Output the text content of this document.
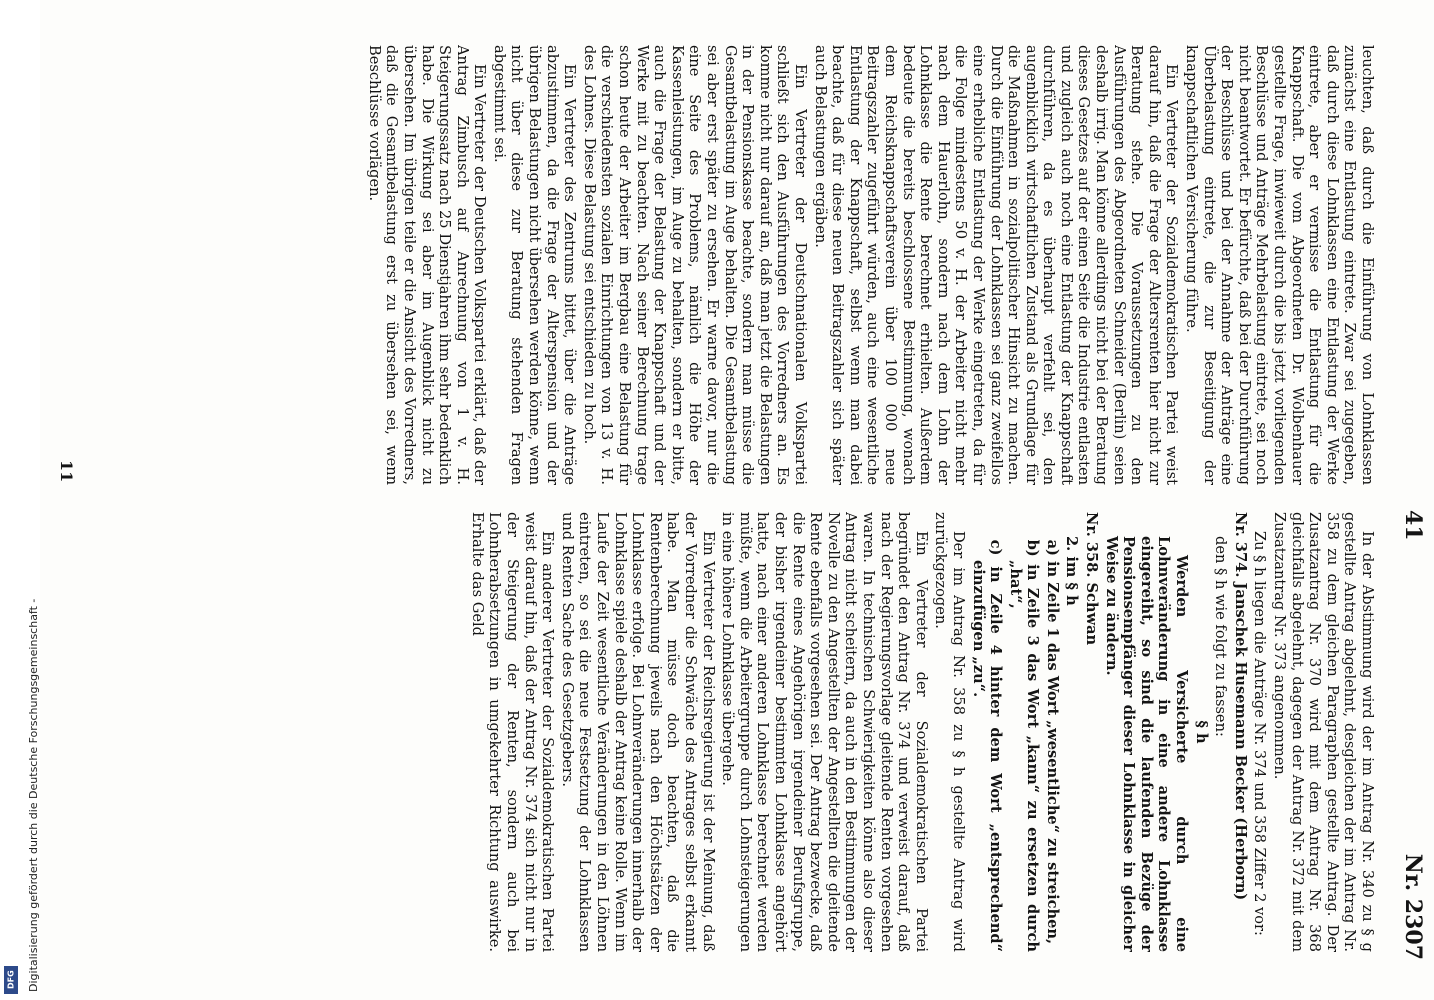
DFG Digitalisierung gefördert durch die Deutsche Forschungsgemeinschaft -
41
Nr. 2307

leuchten, daß durch die Einführung von Lohnklassen zunächst eine Entlastung eintrete. Zwar sei zugegeben, daß durch diese Lohnklassen eine Entlastung der Werke eintrete, aber er vermisse die Entlastung für die Knappschaft. Die vom Abgeordneten Dr. Wolbenhauer gestellte Frage, inwieweit durch die bis jetzt vorliegenden Beschlüsse und Anträge Mehrbelastung eintrete, sei noch nicht beantwortet. Er befürchte, daß bei der Durchführung der Beschlüsse und bei der Annahme der Anträge eine Überbelastung eintrete, die zur Beseitigung der knappschaftlichen Versicherung führe.

Ein Vertreter der Sozialdemokratischen Partei weist darauf hin, daß die Frage der Altersrenten hier nicht zur Beratung stehe. Die Voraussetzungen zu den Ausführungen des Abgeordneten Schneider (Berlin) seien deshalb irrig. Man könne allerdings nicht bei der Beratung dieses Gesetzes auf der einen Seite die Industrie entlasten und zugleich auch noch eine Entlastung der Knappschaft durchführen, da es überhaupt verfehlt sei, den augenblicklich wirtschaftlichen Zustand als Grundlage für die Maßnahmen in sozialpolitischer Hinsicht zu machen. Durch die Einführung der Lohnklassen sei ganz zweifellos eine erhebliche Entlastung der Werke eingetreten, da für die Folge mindestens 50 v. H. der Arbeiter nicht mehr nach dem Hauerlohn, sondern nach dem Lohn der Lohnklasse die Rente berechnet erhielten. Außerdem bedeute die bereits beschlossene Bestimmung, wonach dem Reichsknappschaftsverein über 100 000 neue Beitragszahler zugeführt würden, auch eine wesentliche Entlastung der Knappschaft, selbst wenn man dabei beachte, daß für diese neuen Beitragszahler sich später auch Belastungen ergäben.

Ein Vertreter der Deutschnationalen Volkspartei schließt sich den Ausführungen des Vorredners an. Es komme nicht nur darauf an, daß man jetzt die Belastungen in der Pensionskasse beachte, sondern man müsse die Gesamtbelastung im Auge behalten. Die Gesamtbelastung sei aber erst später zu ersehen. Er warne davor, nur die eine Seite des Problems, nämlich die Höhe der Kassenleistungen, im Auge zu behalten, sondern er bitte, auch die Frage der Belastung der Knappschaft und der Werke mit zu beachten. Nach seiner Berechnung trage schon heute der Arbeiter im Bergbau eine Belastung für die verschiedensten sozialen Einrichtungen von 13 v. H. des Lohnes. Diese Belastung sei entschieden zu hoch.

Ein Vertreter des Zentrums bittet, über die Anträge abzustimmen, da die Frage der Alterspension und der übrigen Belastungen nicht übersehen werden könne, wenn nicht über diese zur Beratung stehenden Fragen abgestimmt sei.

Ein Vertreter der Deutschen Volkspartei erklärt, daß der Antrag Zimbusch auf Anrechnung von 1 v. H. Steigerungssatz nach 25 Dienstjahren ihm sehr bedenklich habe. Die Wirkung sei aber im Augenblick nicht zu übersehen. Im übrigen teile er die Ansicht des Vorredners, daß die Gesamtbelastung erst zu übersehen sei, wenn Beschlüsse vorlägen.

In der Abstimmung wird der im Antrag Nr. 340 zu § g gestellte Antrag abgelehnt, desgleichen der im Antrag Nr. 358 zu dem gleichen Paragraphen gestellte Antrag. Der Zusatzantrag Nr. 370 wird mit dem Antrag Nr. 368 gleichfalls abgelehnt, dagegen der Antrag Nr. 372 mit dem Zusatzantrag Nr. 373 angenommen.

Zu § h liegen die Anträge Nr. 374 und 358 Ziffer 2 vor:

Nr. 374. Janschek Husemann Becker (Herborn)

den § h wie folgt zu fassen:

§ h

Werden Versicherte durch eine Lohnveränderung in eine andere Lohnklasse eingereiht, so sind die laufenden Bezüge der Pensionsempfänger dieser Lohnklasse in gleicher Weise zu ändern.

Nr. 358. Schwan

2. im § h

a) in Zeile 1 das Wort „wesentliche“ zu streichen,

b) in Zeile 3 das Wort „kann“ zu ersetzen durch „hat“,

c) in Zeile 4 hinter dem Wort „entsprechend“ einzufügen „zu“.

Der im Antrag Nr. 358 zu § h gestellte Antrag wird zurückgezogen.

Ein Vertreter der Sozialdemokratischen Partei begründet den Antrag Nr. 374 und verweist darauf, daß nach der Regierungsvorlage gleitende Renten vorgesehen waren. In technischen Schwierigkeiten könne also dieser Antrag nicht scheitern, da auch in den Bestimmungen der Novelle zu den Angestellten der Angestellten die gleitende Rente ebenfalls vorgesehen sei. Der Antrag bezwecke, daß die Rente eines Angehörigen irgendeiner Berufsgruppe, der bisher irgendeiner bestimmten Lohnklasse angehört hatte, nach einer anderen Lohnklasse berechnet werden müßte, wenn die Arbeitergruppe durch Lohnsteigerungen in eine höhere Lohnklasse übergehe.

Ein Vertreter der Reichsregierung ist der Meinung, daß der Vorredner die Schwäche des Antrages selbst erkannt habe. Man müsse doch beachten, daß die Rentenberechnung jeweils nach den Höchstsätzen der Lohnklasse erfolge. Bei Lohnveränderungen innerhalb der Lohnklasse spiele deshalb der Antrag keine Rolle. Wenn im Laufe der Zeit wesentliche Veränderungen in den Löhnen eintreten, so sei die neue Festsetzung der Lohnklassen und Renten Sache des Gesetzgebers.

Ein anderer Vertreter der Sozialdemokratischen Partei weist darauf hin, daß der Antrag Nr. 374 sich nicht nur in der Steigerung der Renten, sondern auch bei Lohnherabsetzungen in umgekehrter Richtung auswirke. Erhalte das Geld

11
